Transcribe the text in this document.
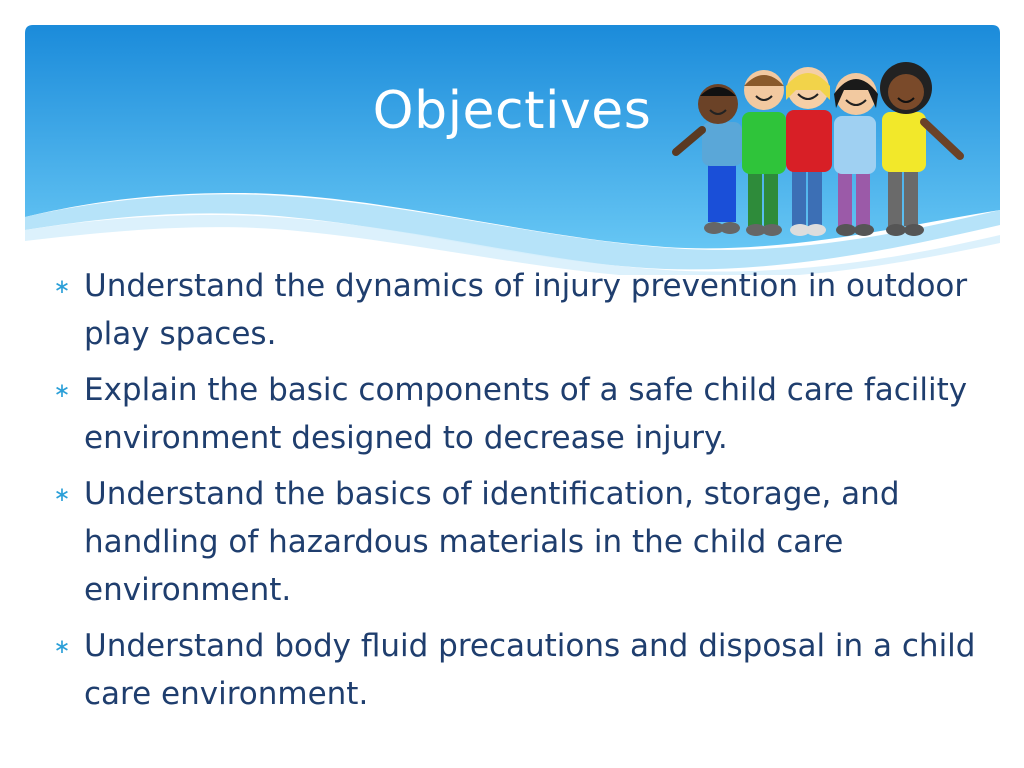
Objectives
∗ Understand the dynamics of injury prevention in outdoor play spaces.
∗ Explain the basic components of a safe child care facility environment designed to decrease injury.
∗ Understand the basics of identification, storage, and handling of hazardous materials in the child care environment.
∗ Understand body fluid precautions and disposal in a child care environment.
